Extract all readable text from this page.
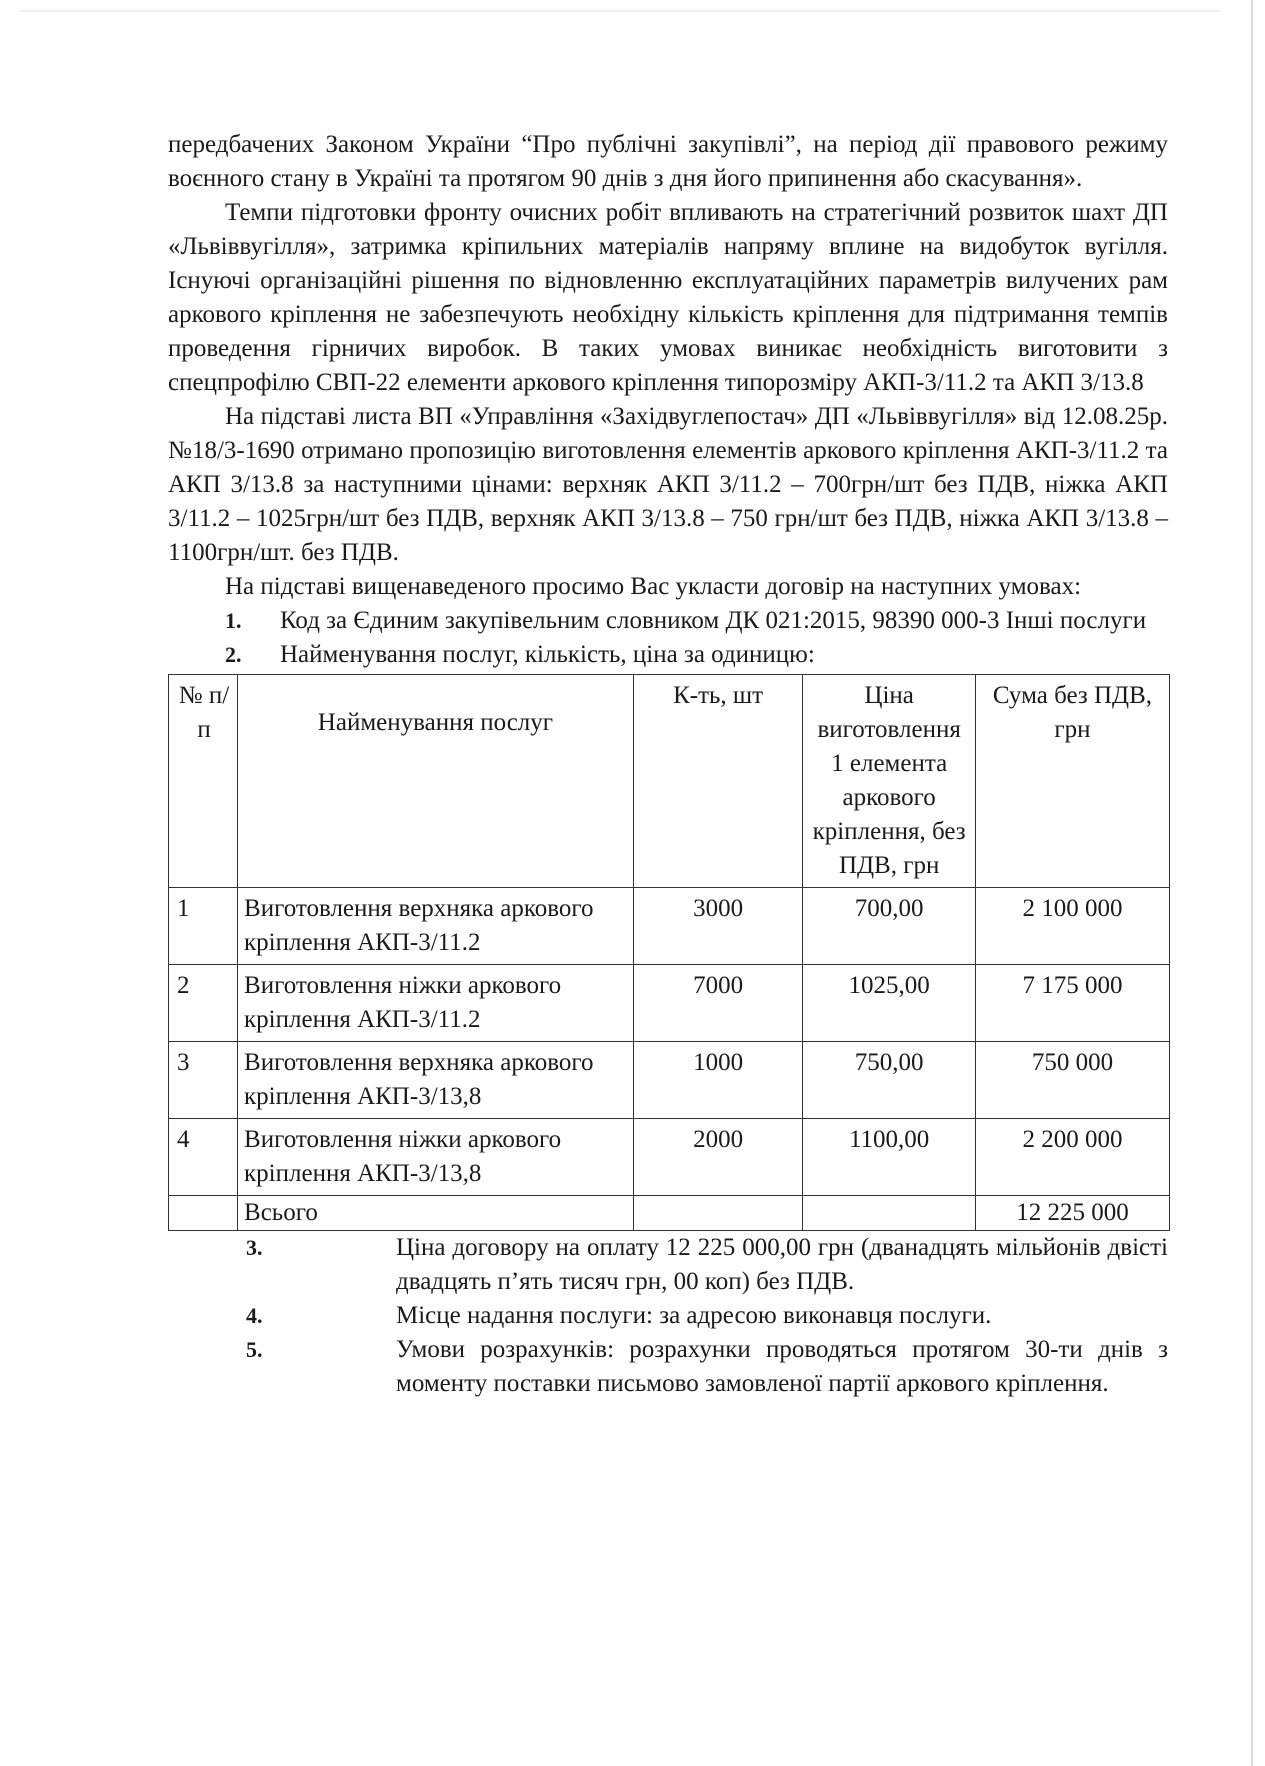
передбачених Законом України “Про публічні закупівлі”, на період дії правового режиму воєнного стану в Україні та протягом 90 днів з дня його припинення або скасування».

Темпи підготовки фронту очисних робіт впливають на стратегічний розвиток шахт ДП «Львіввугілля», затримка кріпильних матеріалів напряму вплине на видобуток вугілля. Існуючі організаційні рішення по відновленню експлуатаційних параметрів вилучених рам аркового кріплення не забезпечують необхідну кількість кріплення для підтримання темпів проведення гірничих виробок. В таких умовах виникає необхідність виготовити з спецпрофілю СВП-22 елементи аркового кріплення типорозміру АКП-3/11.2 та АКП 3/13.8

На підставі листа ВП «Управління «Західвуглепостач» ДП «Львіввугілля» від 12.08.25р. №18/3-1690 отримано пропозицію виготовлення елементів аркового кріплення АКП-3/11.2 та АКП 3/13.8 за наступними цінами: верхняк АКП 3/11.2 – 700грн/шт без ПДВ, ніжка АКП 3/11.2 – 1025грн/шт без ПДВ, верхняк АКП 3/13.8 – 750 грн/шт без ПДВ, ніжка АКП 3/13.8 – 1100грн/шт. без ПДВ.

На підставі вищенаведеного просимо Вас укласти договір на наступних умовах:

1. Код за Єдиним закупівельним словником ДК 021:2015, 98390 000-3 Інші послуги
2. Найменування послуг, кількість, ціна за одиницю:
№ п/п	Найменування послуг	К-ть, шт	Ціна виготовлення 1 елемента аркового кріплення, без ПДВ, грн	Сума без ПДВ, грн
1	Виготовлення верхняка аркового кріплення АКП-3/11.2	3000	700,00	2 100 000
2	Виготовлення ніжки аркового кріплення АКП-3/11.2	7000	1025,00	7 175 000
3	Виготовлення верхняка аркового кріплення АКП-3/13,8	1000	750,00	750 000
4	Виготовлення ніжки аркового кріплення АКП-3/13,8	2000	1100,00	2 200 000
	Всього			12 225 000
3.	Ціна договору на оплату 12 225 000,00 грн (дванадцять мільйонів двісті двадцять п’ять тисяч грн, 00 коп) без ПДВ.
4.	Місце надання послуги: за адресою виконавця послуги.
5.	Умови розрахунків: розрахунки проводяться протягом 30-ти днів з моменту поставки письмово замовленої партії аркового кріплення.
